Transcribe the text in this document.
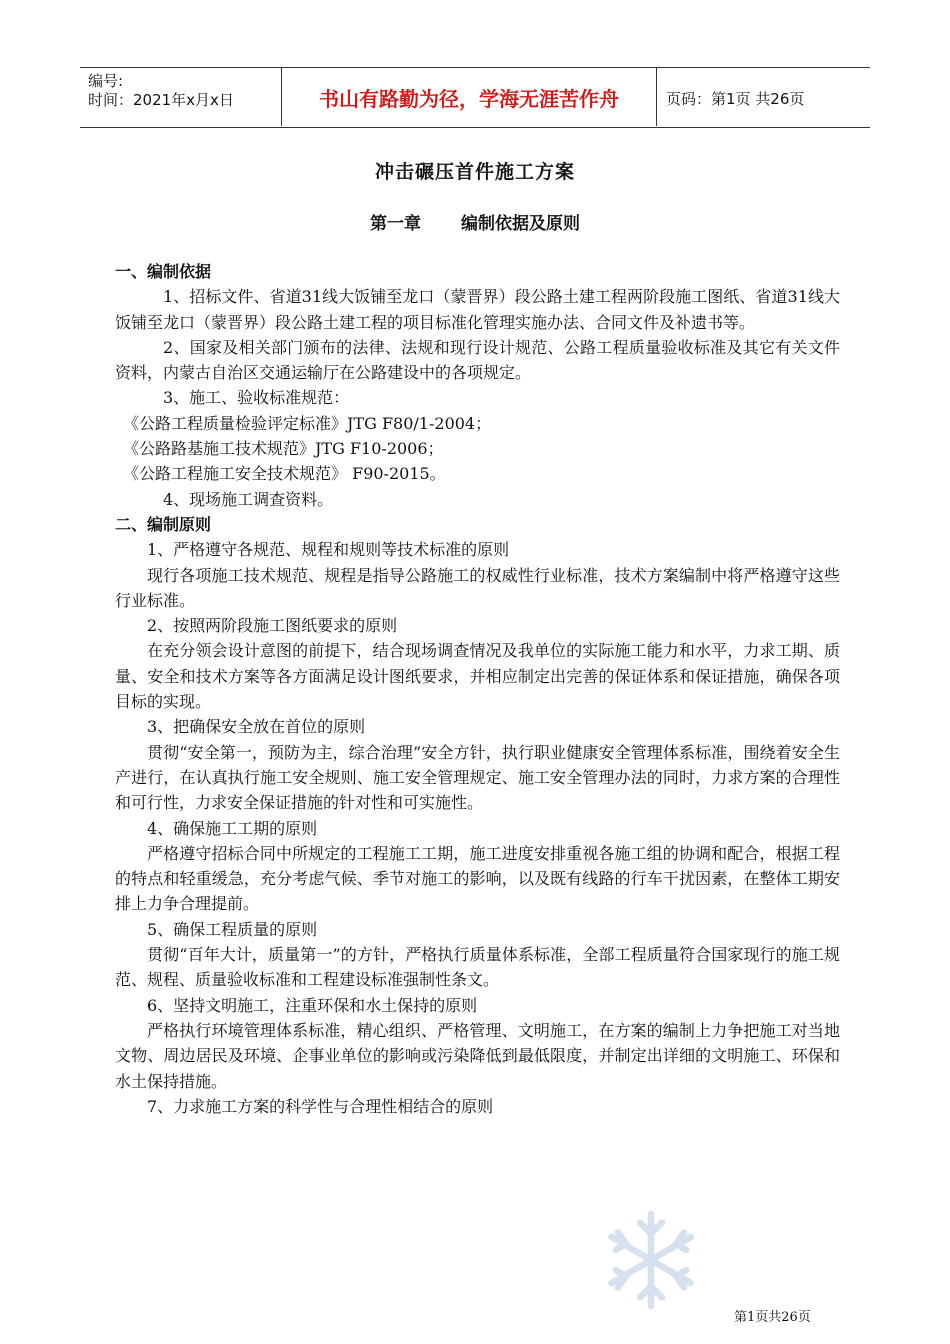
编号:
时间：2021年x月x日	书山有路勤为径，学海无涯苦作舟	页码：第1页 共26页
冲击碾压首件施工方案
第一章 编制依据及原则

一、编制依据

1、招标文件、省道31线大饭铺至龙口（蒙晋界）段公路土建工程两阶段施工图纸、省道31线大饭铺至龙口（蒙晋界）段公路土建工程的项目标准化管理实施办法、合同文件及补遗书等。

2、国家及相关部门颁布的法律、法规和现行设计规范、公路工程质量验收标准及其它有关文件资料，内蒙古自治区交通运输厅在公路建设中的各项规定。

3、施工、验收标准规范：

《公路工程质量检验评定标准》JTG F80/1-2004；

《公路路基施工技术规范》JTG F10-2006；

《公路工程施工安全技术规范》 F90-2015。

4、现场施工调查资料。

二、编制原则

1、严格遵守各规范、规程和规则等技术标准的原则

现行各项施工技术规范、规程是指导公路施工的权威性行业标准，技术方案编制中将严格遵守这些行业标准。

2、按照两阶段施工图纸要求的原则

在充分领会设计意图的前提下，结合现场调查情况及我单位的实际施工能力和水平，力求工期、质量、安全和技术方案等各方面满足设计图纸要求，并相应制定出完善的保证体系和保证措施，确保各项目标的实现。

3、把确保安全放在首位的原则

贯彻“安全第一，预防为主，综合治理”安全方针，执行职业健康安全管理体系标准，围绕着安全生产进行，在认真执行施工安全规则、施工安全管理规定、施工安全管理办法的同时，力求方案的合理性和可行性，力求安全保证措施的针对性和可实施性。

4、确保施工工期的原则

严格遵守招标合同中所规定的工程施工工期，施工进度安排重视各施工组的协调和配合，根据工程的特点和轻重缓急，充分考虑气候、季节对施工的影响，以及既有线路的行车干扰因素，在整体工期安排上力争合理提前。

5、确保工程质量的原则

贯彻“百年大计，质量第一”的方针，严格执行质量体系标准，全部工程质量符合国家现行的施工规范、规程、质量验收标准和工程建设标准强制性条文。

6、坚持文明施工，注重环保和水土保持的原则

严格执行环境管理体系标准，精心组织、严格管理、文明施工，在方案的编制上力争把施工对当地文物、周边居民及环境、企事业单位的影响或污染降低到最低限度，并制定出详细的文明施工、环保和水土保持措施。

7、力求施工方案的科学性与合理性相结合的原则

第1页共26页
